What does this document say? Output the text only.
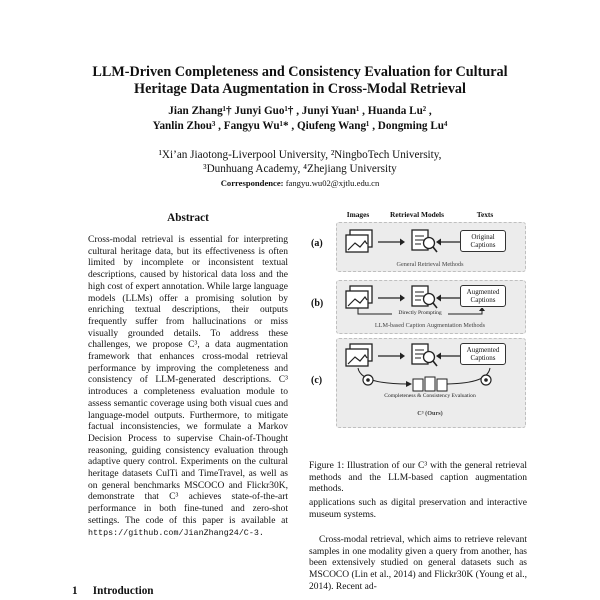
LLM-Driven Completeness and Consistency Evaluation for Cultural
Heritage Data Augmentation in Cross-Modal Retrieval
Jian Zhang¹† Junyi Guo¹† , Junyi Yuan¹ , Huanda Lu² ,
Yanlin Zhou³ , Fangyu Wu¹* , Qiufeng Wang¹ , Dongming Lu⁴
¹Xi’an Jiaotong-Liverpool University, ²NingboTech University,
³Dunhuang Academy, ⁴Zhejiang University
Correspondence: fangyu.wu02@xjtlu.edu.cn
Abstract
Cross-modal retrieval is essential for interpreting cultural heritage data, but its effectiveness is often limited by incomplete or inconsistent textual descriptions, caused by historical data loss and the high cost of expert annotation. While large language models (LLMs) offer a promising solution by enriching textual descriptions, their outputs frequently suffer from hallucinations or miss visually grounded details. To address these challenges, we propose C³, a data augmentation framework that enhances cross-modal retrieval performance by improving the completeness and consistency of LLM-generated descriptions. C³ introduces a completeness evaluation module to assess semantic coverage using both visual cues and language-model outputs. Furthermore, to mitigate factual inconsistencies, we formulate a Markov Decision Process to supervise Chain-of-Thought reasoning, guiding consistency evaluation through adaptive query control. Experiments on the cultural heritage datasets CulTi and TimeTravel, as well as on general benchmarks MSCOCO and Flickr30K, demonstrate that C³ achieves state-of-the-art performance in both fine-tuned and zero-shot settings. The code of this paper is available at https://github.com/JianZhang24/C-3.
1 Introduction
Images	Retrieval Models	Texts
(a)
Original Captions
General Retrieval Methods
(b)
Augmented Captions
Directly Prompting
LLM-based Caption Augmentation Methods
(c)
Augmented Captions
Completeness & Consistency Evaluation
C³ (Ours)
Figure 1: Illustration of our C³ with the general retrieval methods and the LLM-based caption augmentation methods.
applications such as digital preservation and interactive museum systems.
Cross-modal retrieval, which aims to retrieve relevant samples in one modality given a query from another, has been extensively studied on general datasets such as MSCOCO (Lin et al., 2014) and Flickr30K (Young et al., 2014). Recent ad-
